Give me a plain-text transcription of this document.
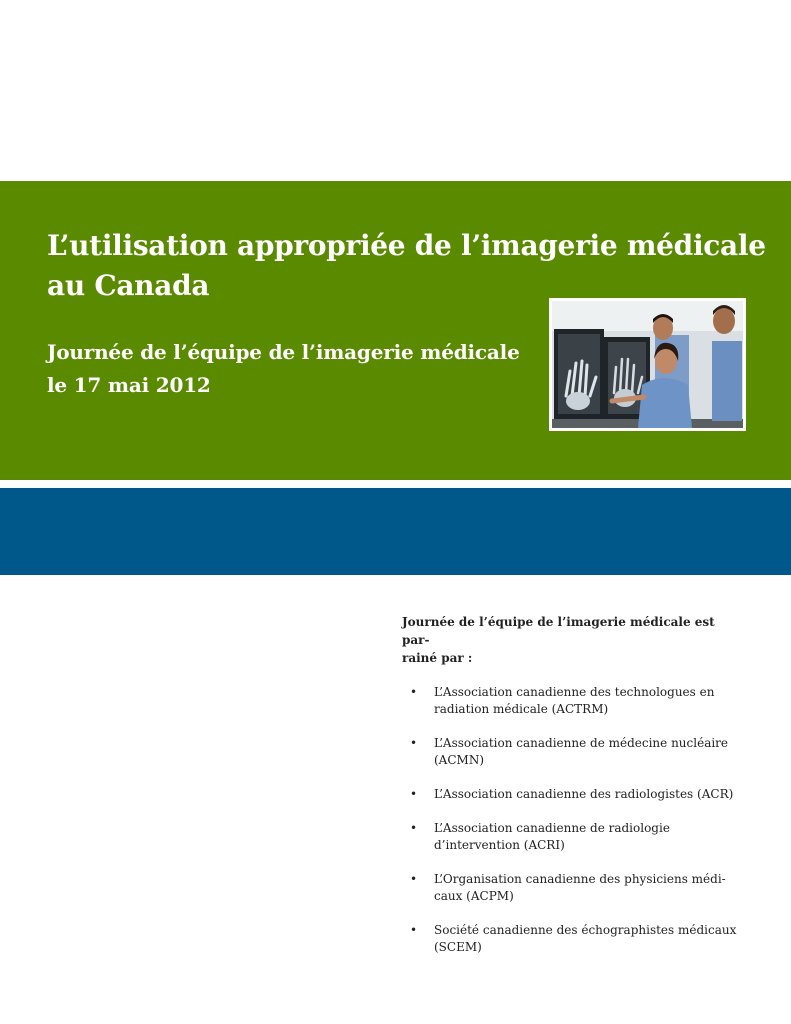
L’utilisation appropriée de l’imagerie médicale
au Canada
Journée de l’équipe de l’imagerie médicale
le 17 mai 2012

Journée de l’équipe de l’imagerie médicale est par-
rainé par :

• L’Association canadienne des technologues en
radiation médicale (ACTRM)
• L’Association canadienne de médecine nucléaire
(ACMN)
• L’Association canadienne des radiologistes (ACR)
• L’Association canadienne de radiologie
d’intervention (ACRI)
• L’Organisation canadienne des physiciens médi-
caux (ACPM)
• Société canadienne des échographistes médicaux
(SCEM)
